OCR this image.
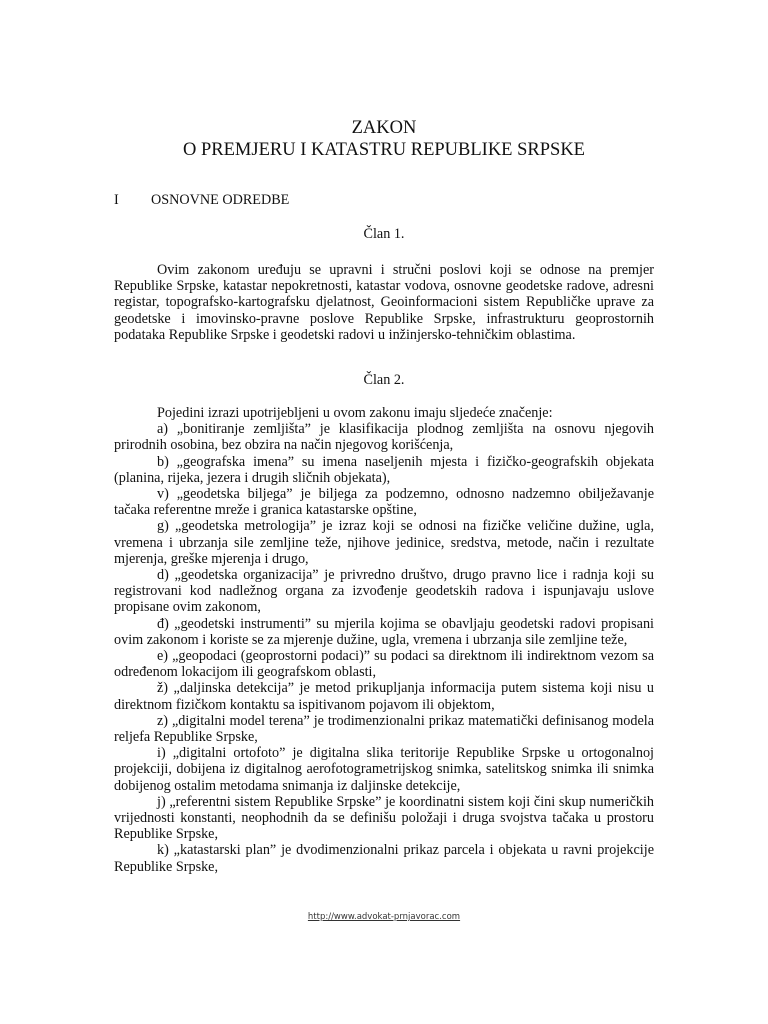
ZAKON
O PREMJERU I KATASTRU REPUBLIKE SRPSKE
I OSNOVNE ODREDBE
Član 1.

Ovim zakonom uređuju se upravni i stručni poslovi koji se odnose na premjer Republike Srpske, katastar nepokretnosti, katastar vodova, osnovne geodetske radove, adresni registar, topografsko-kartografsku djelatnost, Geoinformacioni sistem Republičke uprave za geodetske i imovinsko-pravne poslove Republike Srpske, infrastrukturu geoprostornih podataka Republike Srpske i geodetski radovi u inžinjersko-tehničkim oblastima.

Član 2.

Pojedini izrazi upotrijebljeni u ovom zakonu imaju sljedeće značenje:

a) „bonitiranje zemljišta” je klasifikacija plodnog zemljišta na osnovu njegovih prirodnih osobina, bez obzira na način njegovog korišćenja,

b) „geografska imena” su imena naseljenih mjesta i fizičko-geografskih objekata (planina, rijeka, jezera i drugih sličnih objekata),

v) „geodetska biljega” je biljega za podzemno, odnosno nadzemno obilježavanje tačaka referentne mreže i granica katastarske opštine,

g) „geodetska metrologija” je izraz koji se odnosi na fizičke veličine dužine, ugla, vremena i ubrzanja sile zemljine teže, njihove jedinice, sredstva, metode, način i rezultate mjerenja, greške mjerenja i drugo,

d) „geodetska organizacija” je privredno društvo, drugo pravno lice i radnja koji su registrovani kod nadležnog organa za izvođenje geodetskih radova i ispunjavaju uslove propisane ovim zakonom,

đ) „geodetski instrumenti” su mjerila kojima se obavljaju geodetski radovi propisani ovim zakonom i koriste se za mjerenje dužine, ugla, vremena i ubrzanja sile zemljine teže,

e) „geopodaci (geoprostorni podaci)” su podaci sa direktnom ili indirektnom vezom sa određenom lokacijom ili geografskom oblasti,

ž) „daljinska detekcija” je metod prikupljanja informacija putem sistema koji nisu u direktnom fizičkom kontaktu sa ispitivanom pojavom ili objektom,

z) „digitalni model terena” je trodimenzionalni prikaz matematički definisanog modela reljefa Republike Srpske,

i) „digitalni ortofoto” je digitalna slika teritorije Republike Srpske u ortogonalnoj projekciji, dobijena iz digitalnog aerofotogrametrijskog snimka, satelitskog snimka ili snimka dobijenog ostalim metodama snimanja iz daljinske detekcije,

j) „referentni sistem Republike Srpske” je koordinatni sistem koji čini skup numeričkih vrijednosti konstanti, neophodnih da se definišu položaji i druga svojstva tačaka u prostoru Republike Srpske,

k) „katastarski plan” je dvodimenzionalni prikaz parcela i objekata u ravni projekcije Republike Srpske,

http://www.advokat-prnjavorac.com
